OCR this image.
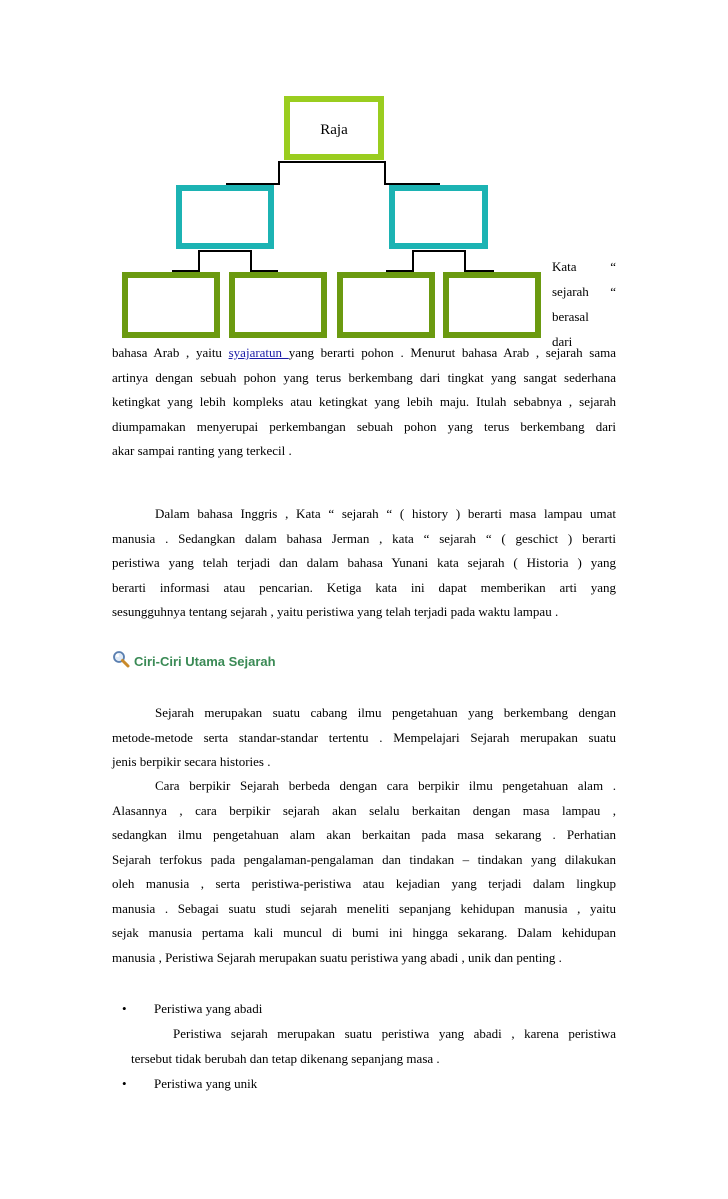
Raja
Kata	“
sejarah “
berasal
dari
bahasa Arab , yaitu syajaratun yang berarti pohon . Menurut bahasa Arab , sejarah sama
artinya dengan sebuah pohon yang terus berkembang dari tingkat yang sangat sederhana
ketingkat yang lebih kompleks atau ketingkat yang lebih maju. Itulah sebabnya , sejarah
diumpamakan menyerupai perkembangan sebuah pohon yang terus berkembang dari
akar sampai ranting yang terkecil .
Dalam bahasa Inggris , Kata “ sejarah “ ( history ) berarti masa lampau umat
manusia . Sedangkan dalam bahasa Jerman , kata “ sejarah “ ( geschict ) berarti
peristiwa yang telah terjadi dan dalam bahasa Yunani kata sejarah ( Historia ) yang
berarti informasi atau pencarian. Ketiga kata ini dapat memberikan arti yang
sesungguhnya tentang sejarah , yaitu peristiwa yang telah terjadi pada waktu lampau .
Ciri-Ciri Utama Sejarah
Sejarah merupakan suatu cabang ilmu pengetahuan yang berkembang dengan
metode-metode serta standar-standar tertentu . Mempelajari Sejarah merupakan suatu
jenis berpikir secara histories .
Cara berpikir Sejarah berbeda dengan cara berpikir ilmu pengetahuan alam .
Alasannya , cara berpikir sejarah akan selalu berkaitan dengan masa lampau ,
sedangkan ilmu pengetahuan alam akan berkaitan pada masa sekarang . Perhatian
Sejarah terfokus pada pengalaman-pengalaman dan tindakan – tindakan yang dilakukan
oleh manusia , serta peristiwa-peristiwa atau kejadian yang terjadi dalam lingkup
manusia . Sebagai suatu studi sejarah meneliti sepanjang kehidupan manusia , yaitu
sejak manusia pertama kali muncul di bumi ini hingga sekarang. Dalam kehidupan
manusia , Peristiwa Sejarah merupakan suatu peristiwa yang abadi , unik dan penting .
• Peristiwa yang abadi
Peristiwa sejarah merupakan suatu peristiwa yang abadi , karena peristiwa
tersebut tidak berubah dan tetap dikenang sepanjang masa .
• Peristiwa yang unik
